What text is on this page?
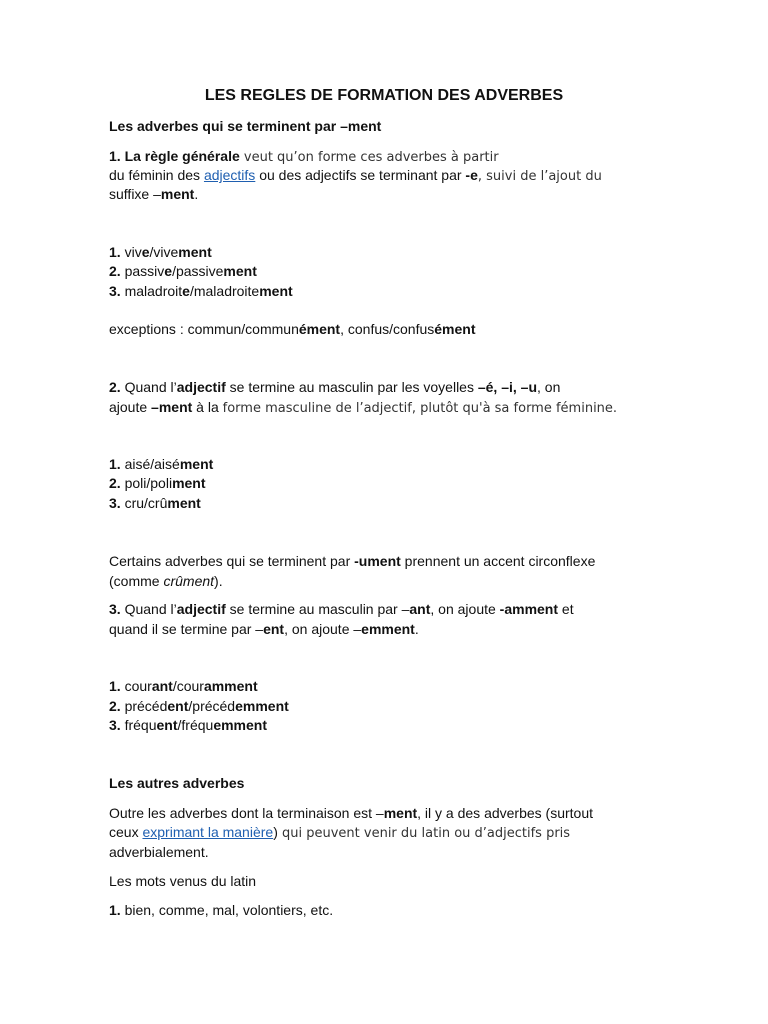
LES REGLES DE FORMATION DES ADVERBES
Les adverbes qui se terminent par –ment
1. La règle générale veut qu’on forme ces adverbes à partir
du féminin des adjectifs ou des adjectifs se terminant par -e, suivi de l’ajout du
suffixe –ment.
1. vive/vivement
2. passive/passivement
3. maladroite/maladroitement
exceptions : commun/communément, confus/confusément
2. Quand l’adjectif se termine au masculin par les voyelles –é, –i, –u, on
ajoute –ment à la forme masculine de l’adjectif, plutôt qu'à sa forme féminine.
1. aisé/aisément
2. poli/poliment
3. cru/crûment
Certains adverbes qui se terminent par -ument prennent un accent circonflexe
(comme crûment).
3. Quand l’adjectif se termine au masculin par –ant, on ajoute -amment et
quand il se termine par –ent, on ajoute –emment.
1. courant/couramment
2. précédent/précédemment
3. fréquent/fréquemment
Les autres adverbes
Outre les adverbes dont la terminaison est –ment, il y a des adverbes (surtout
ceux exprimant la manière) qui peuvent venir du latin ou d’adjectifs pris
adverbialement.
Les mots venus du latin
1. bien, comme, mal, volontiers, etc.
